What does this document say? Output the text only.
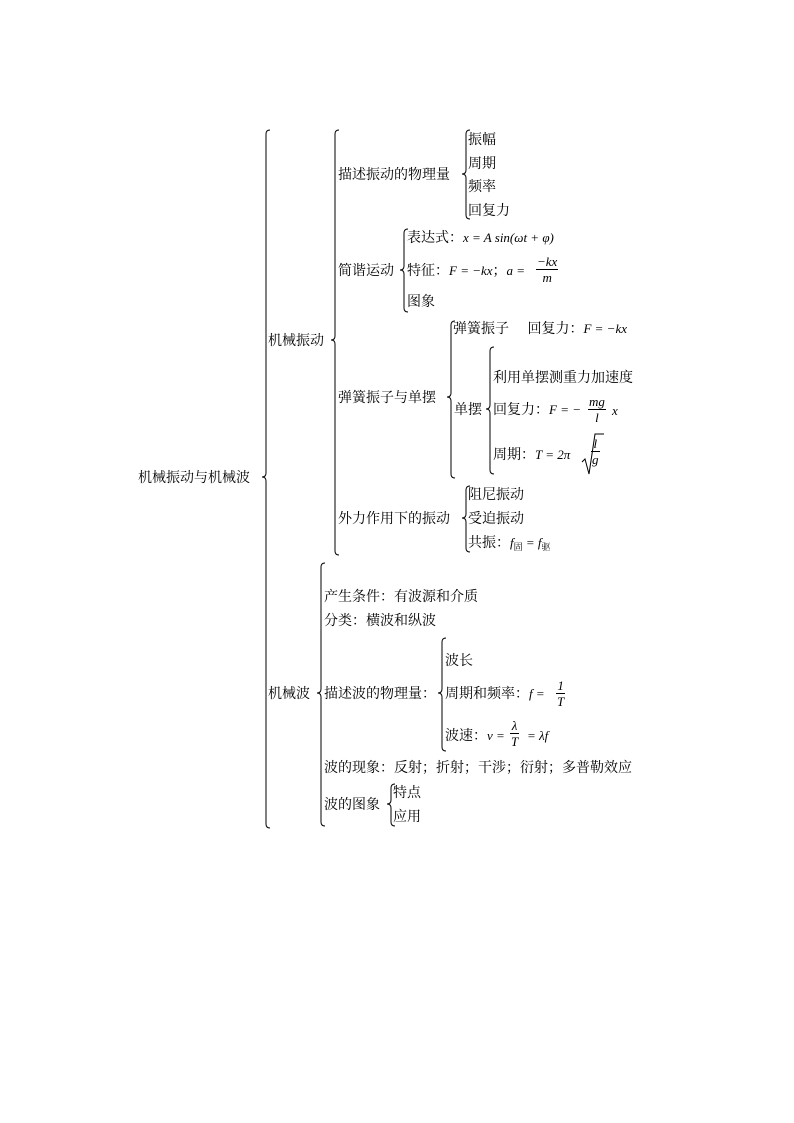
机械振动与机械波
机械振动
描述振动的物理量
振幅
周期
频率
回复力
简谐运动
表达式：x = A sin(ωt + φ)
特征：F = −kx；$a = \frac{-kx}{m}$
图象
弹簧振子与单摆
弹簧振子 回复力：F = −kx
单摆
利用单摆测重力加速度
回复力：F = − $\frac{mg}{l}$ x
周期：$T = 2\pi \frac{l}{g}$
外力作用下的振动
阻尼振动
受迫振动
共振：$f_固 = f_驱$
机械波
产生条件：有波源和介质
分类：横波和纵波
描述波的物理量：
波长
周期和频率：$f = \frac{1}{T}$
波速：$v = \frac{\lambda}{T} = \lambda f$
波的现象：反射；折射；干涉；衍射；多普勒效应
波的图象
特点
应用
